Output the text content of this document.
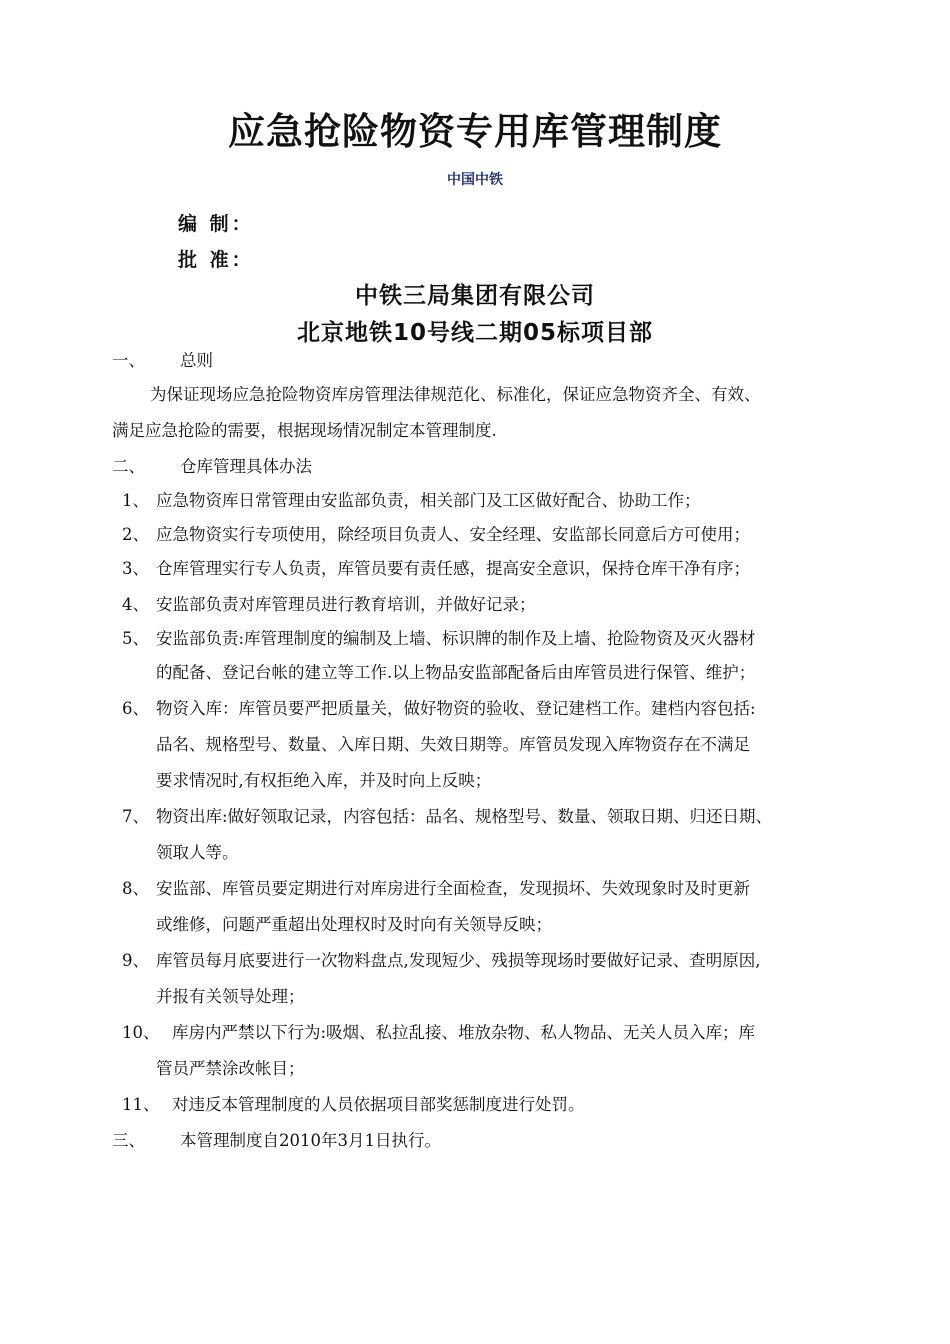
应急抢险物资专用库管理制度
中国中铁
编 制：
批 准：
中铁三局集团有限公司
北京地铁10号线二期05标项目部
一、 总则
为保证现场应急抢险物资库房管理法律规范化、标准化，保证应急物资齐全、有效、
满足应急抢险的需要，根据现场情况制定本管理制度.
二、 仓库管理具体办法
1、 应急物资库日常管理由安监部负责，相关部门及工区做好配合、协助工作；
2、 应急物资实行专项使用，除经项目负责人、安全经理、安监部长同意后方可使用；
3、 仓库管理实行专人负责，库管员要有责任感，提高安全意识，保持仓库干净有序；
4、 安监部负责对库管理员进行教育培训，并做好记录；
5、 安监部负责:库管理制度的编制及上墙、标识牌的制作及上墙、抢险物资及灭火器材
的配备、登记台帐的建立等工作.以上物品安监部配备后由库管员进行保管、维护；
6、 物资入库：库管员要严把质量关，做好物资的验收、登记建档工作。建档内容包括:
品名、规格型号、数量、入库日期、失效日期等。库管员发现入库物资存在不满足
要求情况时,有权拒绝入库，并及时向上反映；
7、 物资出库:做好领取记录，内容包括：品名、规格型号、数量、领取日期、归还日期、
领取人等。
8、 安监部、库管员要定期进行对库房进行全面检查，发现损坏、失效现象时及时更新
或维修，问题严重超出处理权时及时向有关领导反映；
9、 库管员每月底要进行一次物料盘点,发现短少、残损等现场时要做好记录、查明原因,
并报有关领导处理；
10、 库房内严禁以下行为:吸烟、私拉乱接、堆放杂物、私人物品、无关人员入库；库
管员严禁涂改帐目；
11、 对违反本管理制度的人员依据项目部奖惩制度进行处罚。
三、 本管理制度自2010年3月1日执行。
